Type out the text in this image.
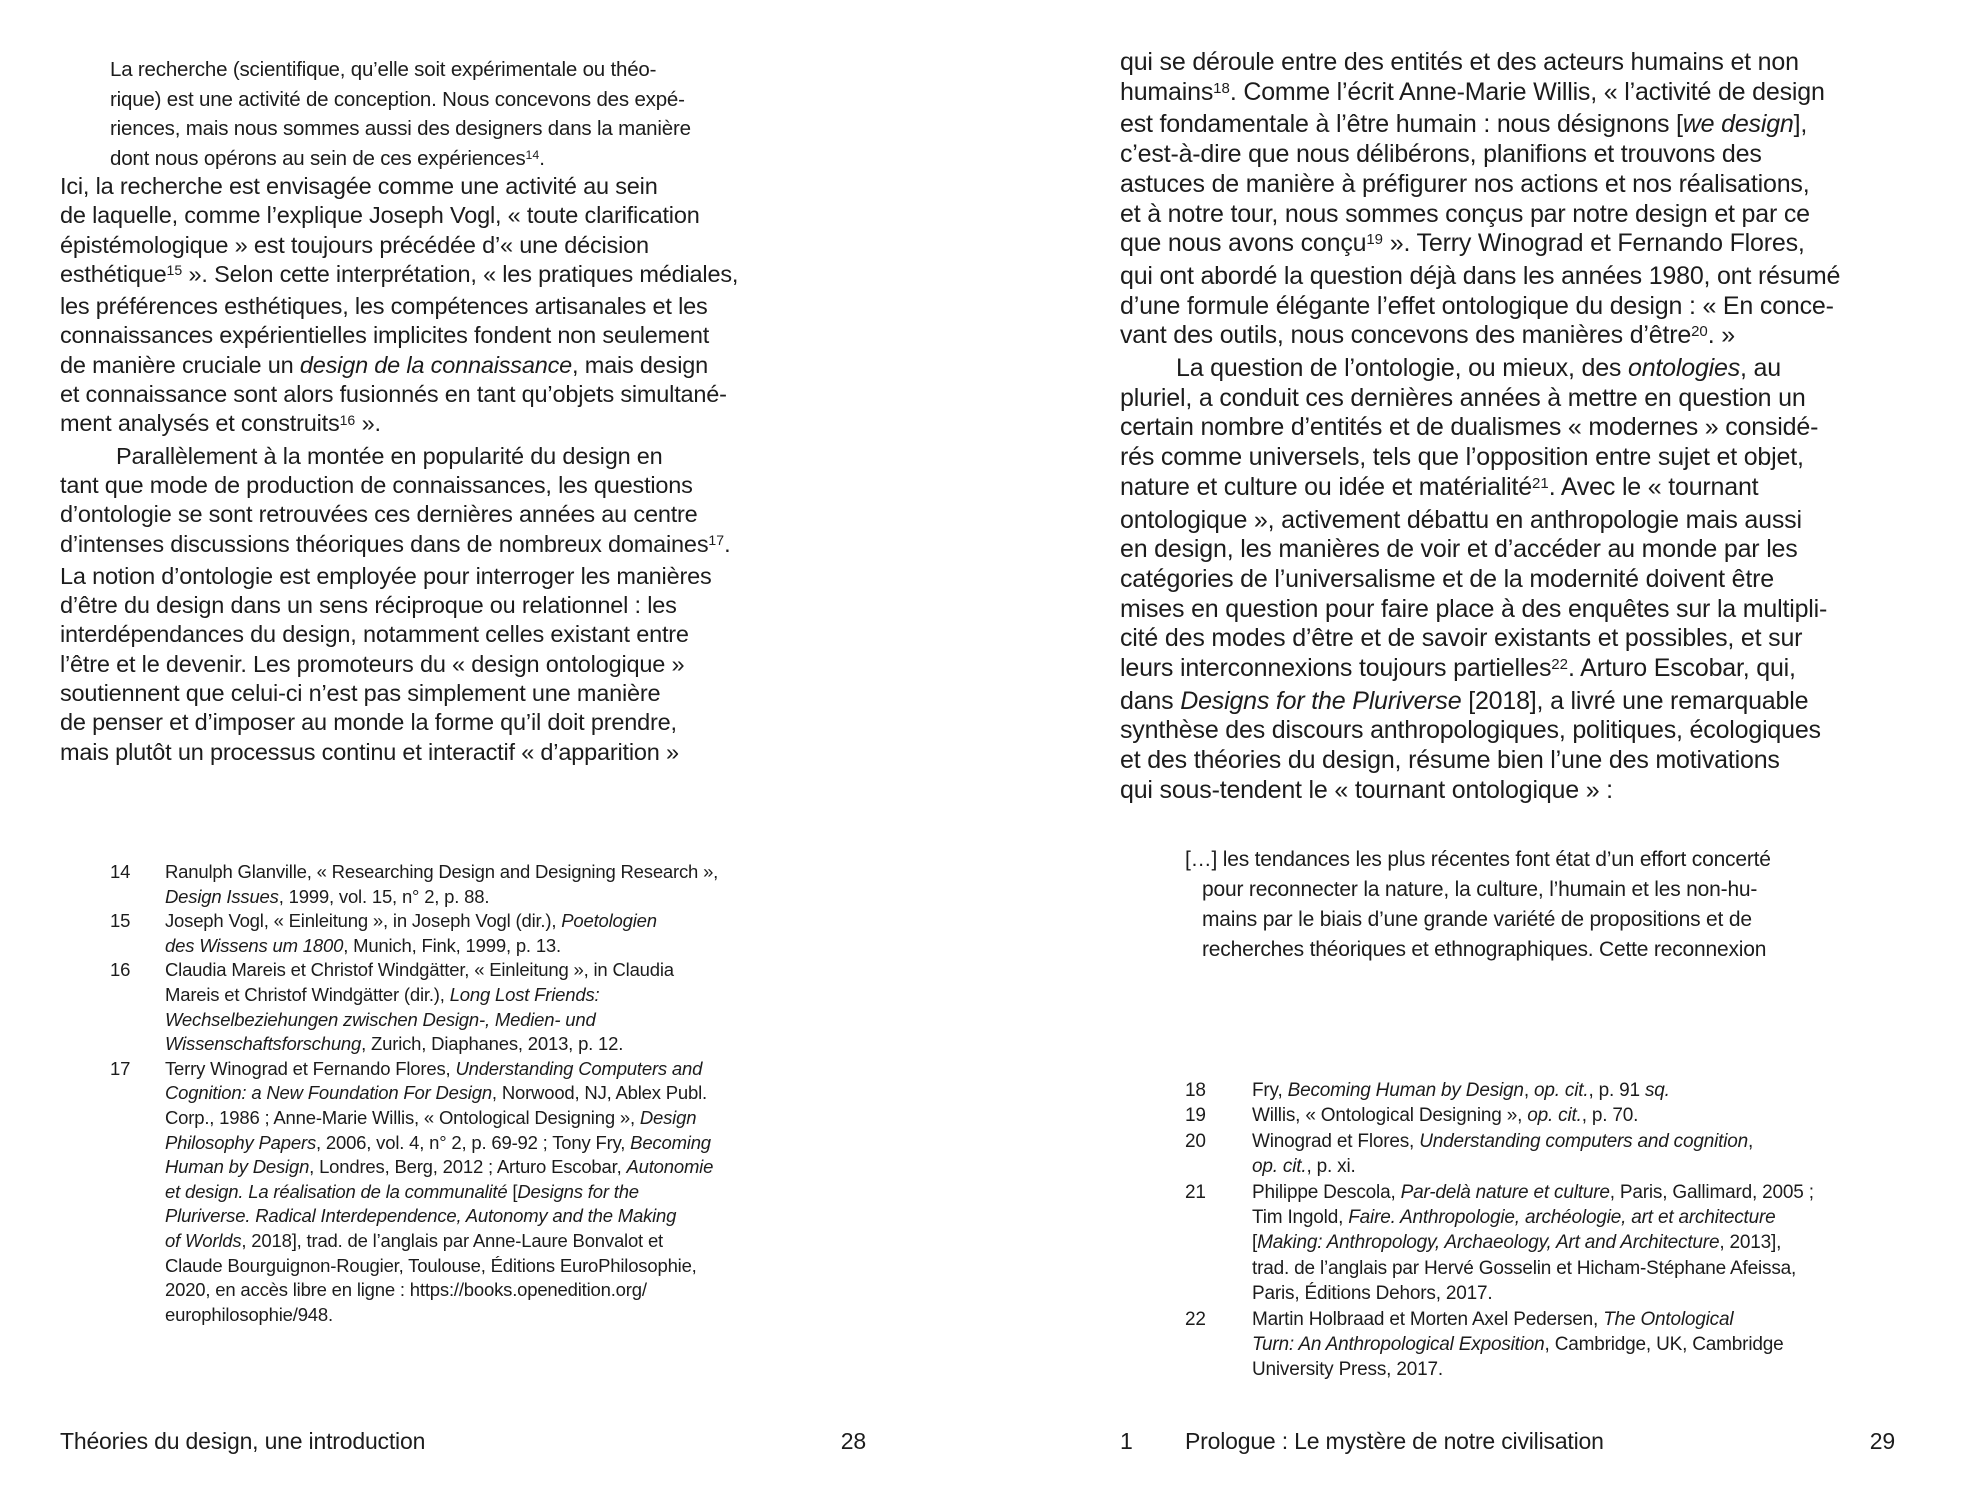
La recherche (scientifique, qu’elle soit expérimentale ou théo-
rique) est une activité de conception. Nous concevons des expé-
riences, mais nous sommes aussi des designers dans la manière
dont nous opérons au sein de ces expériences$^{14}$.
Ici, la recherche est envisagée comme une activité au sein
de laquelle, comme l’explique Joseph Vogl, « toute clarification
épistémologique » est toujours précédée d’« une décision
esthétique$^{15}$ ». Selon cette interprétation, « les pratiques médiales,
les préférences esthétiques, les compétences artisanales et les
connaissances expérientielles implicites fondent non seulement
de manière cruciale un design de la connaissance, mais design
et connaissance sont alors fusionnés en tant qu’objets simultané-
ment analysés et construits$^{16}$ ».
Parallèlement à la montée en popularité du design en
tant que mode de production de connaissances, les questions
d’ontologie se sont retrouvées ces dernières années au centre
d’intenses discussions théoriques dans de nombreux domaines$^{17}$.
La notion d’ontologie est employée pour interroger les manières
d’être du design dans un sens réciproque ou relationnel : les
interdépendances du design, notamment celles existant entre
l’être et le devenir. Les promoteurs du « design ontologique »
soutiennent que celui-ci n’est pas simplement une manière
de penser et d’imposer au monde la forme qu’il doit prendre,
mais plutôt un processus continu et interactif « d’apparition »
14	Ranulph Glanville, « Researching Design and Designing Research »,
Design Issues, 1999, vol. 15, n° 2, p. 88.
15	Joseph Vogl, « Einleitung », in Joseph Vogl (dir.), Poetologien
des Wissens um 1800, Munich, Fink, 1999, p. 13.
16	Claudia Mareis et Christof Windgätter, « Einleitung », in Claudia
Mareis et Christof Windgätter (dir.), Long Lost Friends:
Wechselbeziehungen zwischen Design-, Medien- und
Wissenschaftsforschung, Zurich, Diaphanes, 2013, p. 12.
17	Terry Winograd et Fernando Flores, Understanding Computers and
Cognition: a New Foundation For Design, Norwood, NJ, Ablex Publ.
Corp., 1986 ; Anne-Marie Willis, « Ontological Designing », Design
Philosophy Papers, 2006, vol. 4, n° 2, p. 69-92 ; Tony Fry, Becoming
Human by Design, Londres, Berg, 2012 ; Arturo Escobar, Autonomie
et design. La réalisation de la communalité [Designs for the
Pluriverse. Radical Interdependence, Autonomy and the Making
of Worlds, 2018], trad. de l’anglais par Anne-Laure Bonvalot et
Claude Bourguignon-Rougier, Toulouse, Éditions EuroPhilosophie,
2020, en accès libre en ligne : https://books.openedition.org/
europhilosophie/948.
Théories du design, une introduction	28
qui se déroule entre des entités et des acteurs humains et non
humains$^{18}$. Comme l’écrit Anne-Marie Willis, « l’activité de design
est fondamentale à l’être humain : nous désignons [we design],
c’est-à-dire que nous délibérons, planifions et trouvons des
astuces de manière à préfigurer nos actions et nos réalisations,
et à notre tour, nous sommes conçus par notre design et par ce
que nous avons conçu$^{19}$ ». Terry Winograd et Fernando Flores,
qui ont abordé la question déjà dans les années 1980, ont résumé
d’une formule élégante l’effet ontologique du design : « En conce-
vant des outils, nous concevons des manières d’être$^{20}$. »
La question de l’ontologie, ou mieux, des ontologies, au
pluriel, a conduit ces dernières années à mettre en question un
certain nombre d’entités et de dualismes « modernes » considé-
rés comme universels, tels que l’opposition entre sujet et objet,
nature et culture ou idée et matérialité$^{21}$. Avec le « tournant
ontologique », activement débattu en anthropologie mais aussi
en design, les manières de voir et d’accéder au monde par les
catégories de l’universalisme et de la modernité doivent être
mises en question pour faire place à des enquêtes sur la multipli-
cité des modes d’être et de savoir existants et possibles, et sur
leurs interconnexions toujours partielles$^{22}$. Arturo Escobar, qui,
dans Designs for the Pluriverse [2018], a livré une remarquable
synthèse des discours anthropologiques, politiques, écologiques
et des théories du design, résume bien l’une des motivations
qui sous-tendent le « tournant ontologique » :
[…] les tendances les plus récentes font état d’un effort concerté
pour reconnecter la nature, la culture, l’humain et les non-hu-
mains par le biais d’une grande variété de propositions et de
recherches théoriques et ethnographiques. Cette reconnexion
18	Fry, Becoming Human by Design, op. cit., p. 91 sq.
19	Willis, « Ontological Designing », op. cit., p. 70.
20	Winograd et Flores, Understanding computers and cognition,
op. cit., p. xi.
21	Philippe Descola, Par-delà nature et culture, Paris, Gallimard, 2005 ;
Tim Ingold, Faire. Anthropologie, archéologie, art et architecture
[Making: Anthropology, Archaeology, Art and Architecture, 2013],
trad. de l’anglais par Hervé Gosselin et Hicham-Stéphane Afeissa,
Paris, Éditions Dehors, 2017.
22	Martin Holbraad et Morten Axel Pedersen, The Ontological
Turn: An Anthropological Exposition, Cambridge, UK, Cambridge
University Press, 2017.
1	Prologue : Le mystère de notre civilisation	29
